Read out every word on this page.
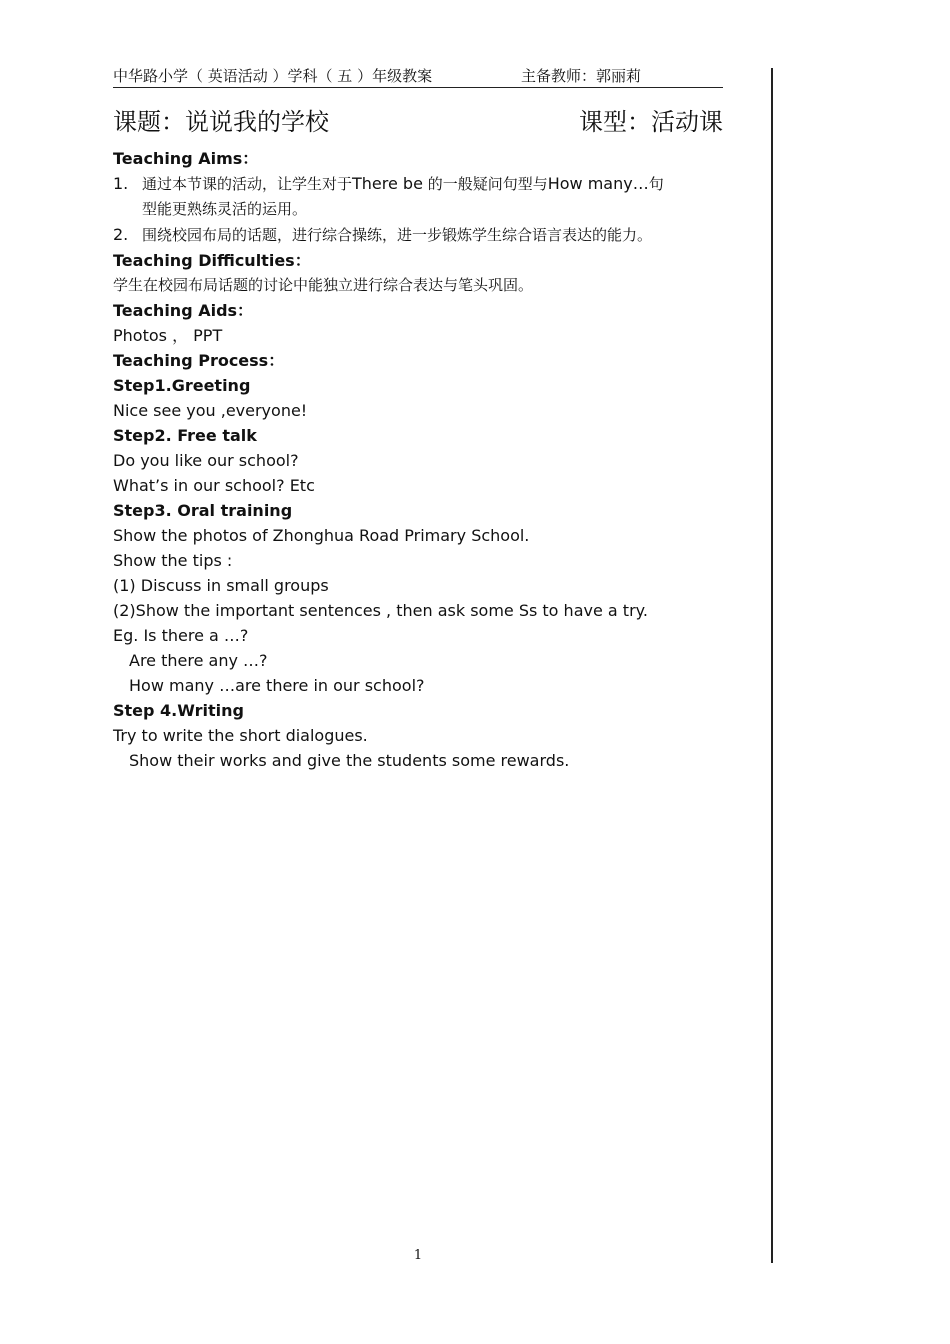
中华路小学（ 英语活动 ）学科（ 五 ）年级教案	主备教师：郭丽莉
课题：说说我的学校	课型：活动课
Teaching Aims：
1. 通过本节课的活动，让学生对于There be 的一般疑问句型与How many…句
型能更熟练灵活的运用。
2. 围绕校园布局的话题，进行综合操练，进一步锻炼学生综合语言表达的能力。
Teaching Difficulties：
学生在校园布局话题的讨论中能独立进行综合表达与笔头巩固。
Teaching Aids：
Photos ， PPT
Teaching Process：
Step1.Greeting
Nice see you ,everyone!
Step2. Free talk
Do you like our school?
What’s in our school? Etc
Step3. Oral training
Show the photos of Zhonghua Road Primary School.
Show the tips :
(1) Discuss in small groups
(2)Show the important sentences , then ask some Ss to have a try.
Eg. Is there a …?
Are there any …?
How many …are there in our school?
Step 4.Writing
Try to write the short dialogues.
Show their works and give the students some rewards.
1
